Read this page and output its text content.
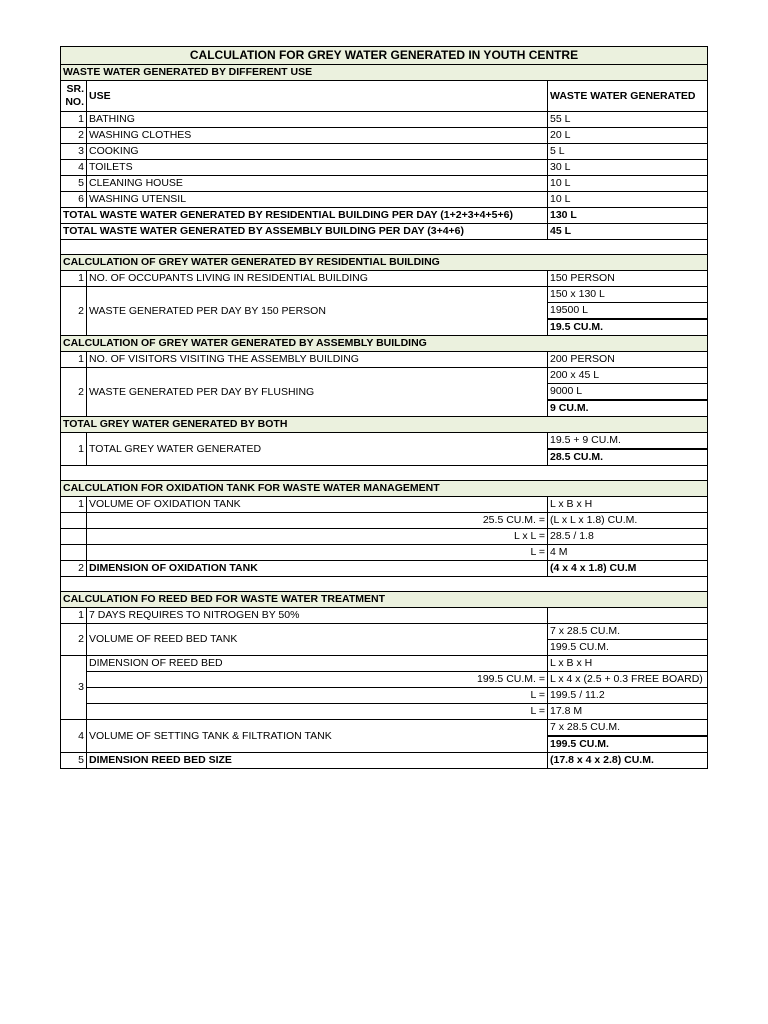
CALCULATION FOR GREY WATER GENERATED IN YOUTH CENTRE		
WASTE WATER GENERATED BY DIFFERENT USE		
SR. NO.	USE	WASTE WATER GENERATED
1	BATHING	55 L
2	WASHING CLOTHES	20 L
3	COOKING	5 L
4	TOILETS	30 L
5	CLEANING HOUSE	10 L
6	WASHING UTENSIL	10 L
TOTAL WASTE WATER GENERATED BY RESIDENTIAL BUILDING PER DAY (1+2+3+4+5+6)		130 L
TOTAL WASTE WATER GENERATED BY ASSEMBLY BUILDING PER DAY (3+4+6)		45 L

CALCULATION OF GREY WATER GENERATED BY RESIDENTIAL BUILDING		
1	NO. OF OCCUPANTS LIVING IN RESIDENTIAL BUILDING	150 PERSON
2	WASTE GENERATED PER DAY BY 150 PERSON	150 x 130 L
		19500 L
		19.5 CU.M.
CALCULATION OF GREY WATER GENERATED BY ASSEMBLY BUILDING		
1	NO. OF VISITORS VISITING THE ASSEMBLY BUILDING	200 PERSON
2	WASTE GENERATED PER DAY BY FLUSHING	200 x 45 L
		9000 L
		9 CU.M.
TOTAL GREY WATER GENERATED BY BOTH		
1	TOTAL GREY WATER GENERATED	19.5 + 9 CU.M.
		28.5 CU.M.

CALCULATION FOR OXIDATION TANK FOR WASTE WATER MANAGEMENT		
1	VOLUME OF OXIDATION TANK	L x B x H
	25.5 CU.M. =	(L x L x 1.8) CU.M.
	L x L =	28.5 / 1.8
	L =	4 M
2	DIMENSION OF OXIDATION TANK	(4 x 4 x 1.8) CU.M

CALCULATION FO REED BED FOR WASTE WATER TREATMENT		
1	7 DAYS REQUIRES TO NITROGEN BY 50%	
2	VOLUME OF REED BED TANK	7 x 28.5 CU.M.
		199.5 CU.M.
3	DIMENSION OF REED BED	L x B x H
	199.5 CU.M. =	L x 4 x (2.5 + 0.3 FREE BOARD)
	L =	199.5 / 11.2
	L =	17.8 M
4	VOLUME OF SETTING TANK & FILTRATION TANK	7 x 28.5 CU.M.
		199.5 CU.M.
5	DIMENSION REED BED SIZE	(17.8 x 4 x 2.8) CU.M.
